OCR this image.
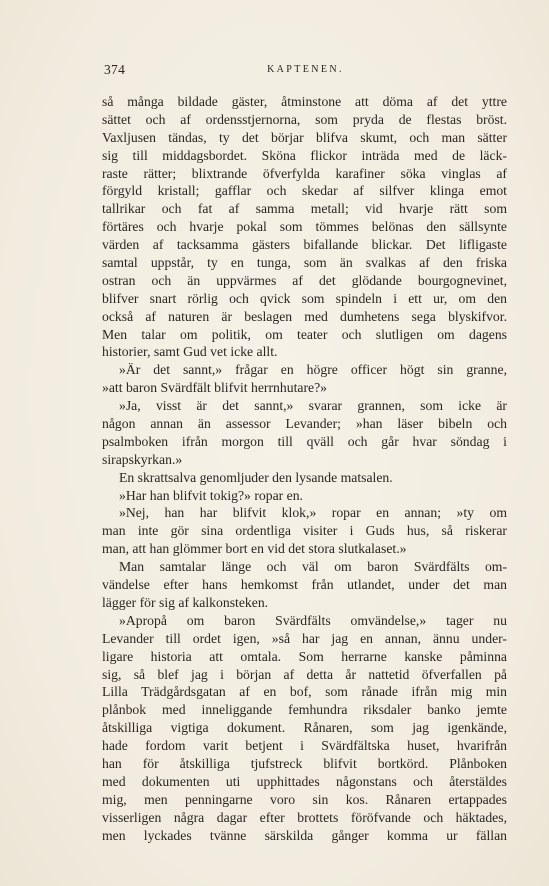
374	KAPTENEN.
så många bildade gäster, åtminstone att döma af det yttre
sättet och af ordensstjernorna, som pryda de flestas bröst.
Vaxljusen tändas, ty det börjar blifva skumt, och man sätter
sig till middagsbordet. Sköna flickor inträda med de läck-
raste rätter; blixtrande öfverfylda karafiner söka vinglas af
förgyld kristall; gafflar och skedar af silfver klinga emot
tallrikar och fat af samma metall; vid hvarje rätt som
förtäres och hvarje pokal som tömmes belönas den sällsynte
värden af tacksamma gästers bifallande blickar. Det lifligaste
samtal uppstår, ty en tunga, som än svalkas af den friska
ostran och än uppvärmes af det glödande bourgognevinet,
blifver snart rörlig och qvick som spindeln i ett ur, om den
också af naturen är beslagen med dumhetens sega blyskifvor.
Men talar om politik, om teater och slutligen om dagens
historier, samt Gud vet icke allt.
»Är det sannt,» frågar en högre officer högt sin granne,
»att baron Svärdfält blifvit herrnhutare?»
»Ja, visst är det sannt,» svarar grannen, som icke är
någon annan än assessor Levander; »han läser bibeln och
psalmboken ifrån morgon till qväll och går hvar söndag i
sirapskyrkan.»
En skrattsalva genomljuder den lysande matsalen.
»Har han blifvit tokig?» ropar en.
»Nej, han har blifvit klok,» ropar en annan; »ty om
man inte gör sina ordentliga visiter i Guds hus, så riskerar
man, att han glömmer bort en vid det stora slutkalaset.»
Man samtalar länge och väl om baron Svärdfälts om-
vändelse efter hans hemkomst från utlandet, under det man
lägger för sig af kalkonsteken.
»Apropå om baron Svärdfälts omvändelse,» tager nu
Levander till ordet igen, »så har jag en annan, ännu under-
ligare historia att omtala. Som herrarne kanske påminna
sig, så blef jag i början af detta år nattetid öfverfallen på
Lilla Trädgårdsgatan af en bof, som rånade ifrån mig min
plånbok med inneliggande femhundra riksdaler banko jemte
åtskilliga vigtiga dokument. Rånaren, som jag igenkände,
hade fordom varit betjent i Svärdfältska huset, hvarifrån
han för åtskilliga tjufstreck blifvit bortkörd. Plånboken
med dokumenten uti upphittades någonstans och återstäldes
mig, men penningarne voro sin kos. Rånaren ertappades
visserligen några dagar efter brottets föröfvande och häktades,
men lyckades tvänne särskilda gånger komma ur fällan
